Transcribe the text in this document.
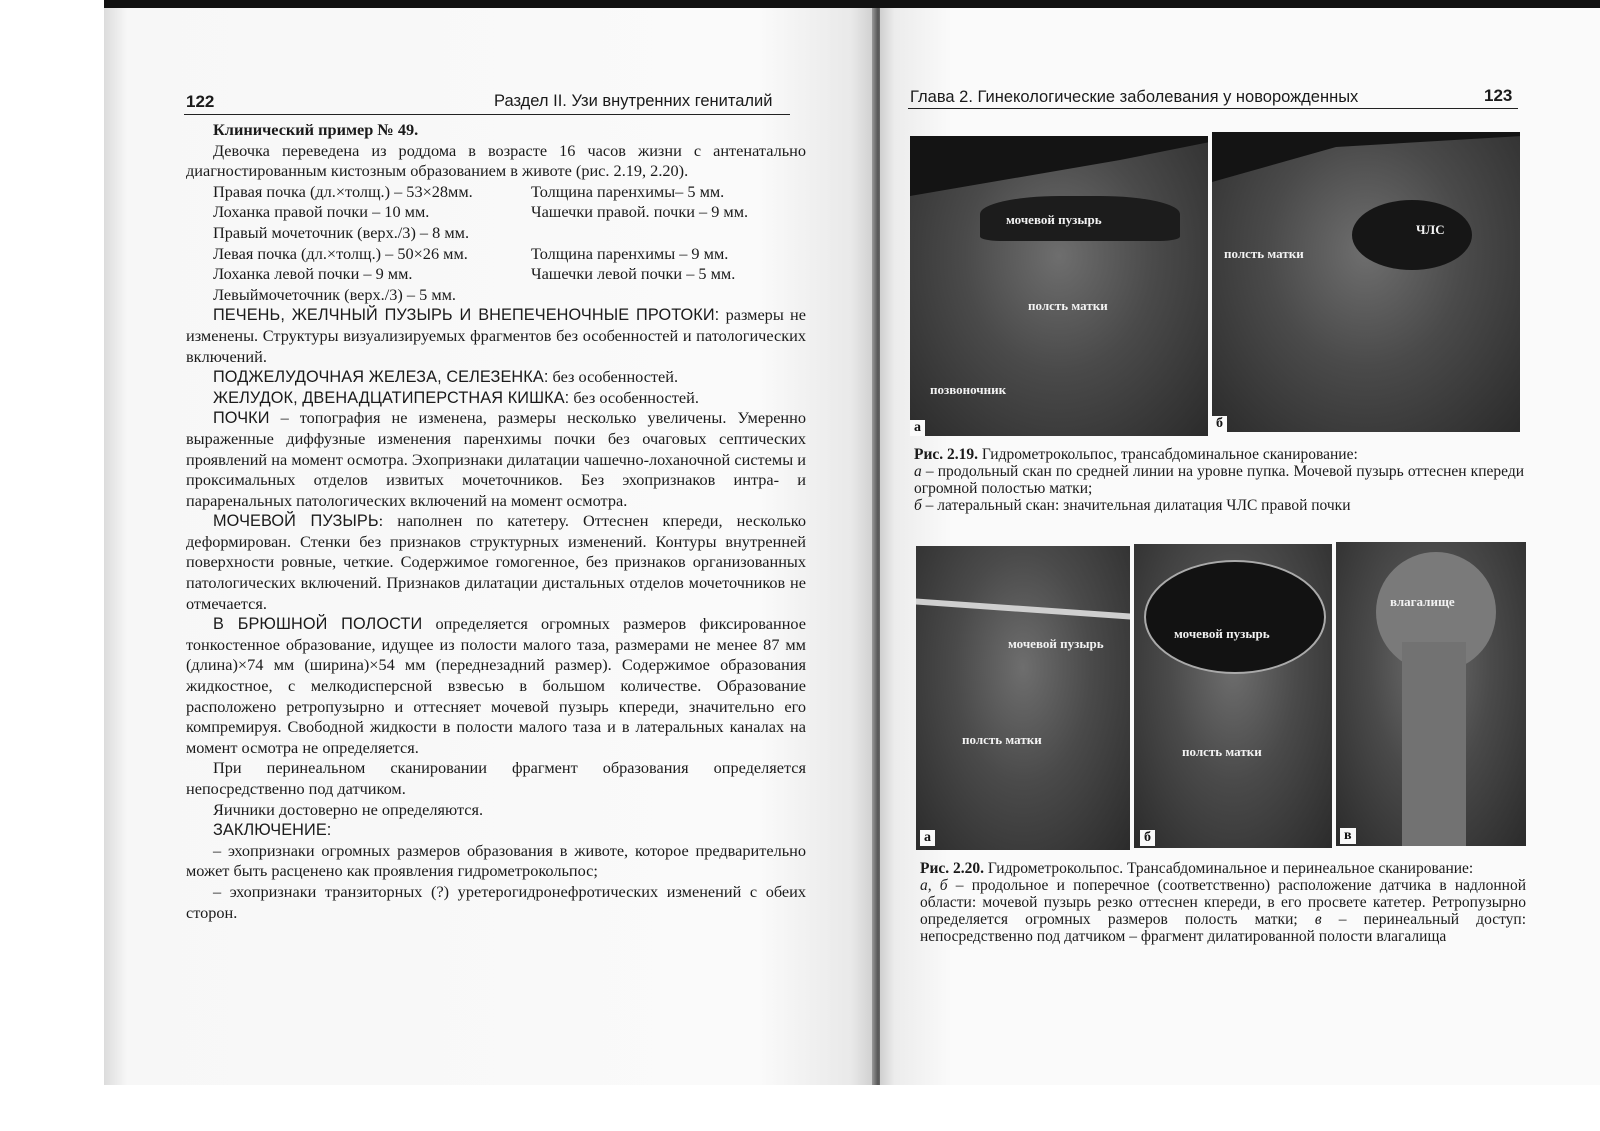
122	Раздел II. Узи внутренних гениталий

Клинический пример № 49.

Девочка переведена из роддома в возрасте 16 часов жизни с антенатально диагностированным кистозным образованием в животе (рис. 2.19, 2.20).

Правая почка (дл.×толщ.) – 53×28мм.	Толщина паренхимы– 5 мм.
Лоханка правой почки – 10 мм.	Чашечки правой. почки – 9 мм.
Правый мочеточник (верх./3) – 8 мм.
Левая почка (дл.×толщ.) – 50×26 мм.	Толщина паренхимы – 9 мм.
Лоханка левой почки – 9 мм.	Чашечки левой почки – 5 мм.
Левыймочеточник (верх./3) – 5 мм.

ПЕЧЕНЬ, ЖЕЛЧНЫЙ ПУЗЫРЬ И ВНЕПЕЧЕНОЧНЫЕ ПРОТОКИ: размеры не изменены. Структуры визуализируемых фрагментов без особенностей и патологических включений.

ПОДЖЕЛУДОЧНАЯ ЖЕЛЕЗА, СЕЛЕЗЕНКА: без особенностей.

ЖЕЛУДОК, ДВЕНАДЦАТИПЕРСТНАЯ КИШКА: без особенностей.

ПОЧКИ – топография не изменена, размеры несколько увеличены. Умеренно выраженные диффузные изменения паренхимы почки без очаговых септических проявлений на момент осмотра. Эхопризнаки дилатации чашечно-лоханочной системы и проксимальных отделов извитых мочеточников. Без эхопризнаков интра- и параренальных патологических включений на момент осмотра.

МОЧЕВОЙ ПУЗЫРЬ: наполнен по катетеру. Оттеснен кпереди, несколько деформирован. Стенки без признаков структурных изменений. Контуры внутренней поверхности ровные, четкие. Содержимое гомогенное, без признаков организованных патологических включений. Признаков дилатации дистальных отделов мочеточников не отмечается.

В БРЮШНОЙ ПОЛОСТИ определяется огромных размеров фиксированное тонкостенное образование, идущее из полости малого таза, размерами не менее 87 мм (длина)×74 мм (ширина)×54 мм (переднезадний размер). Содержимое образования жидкостное, с мелкодисперсной взвесью в большом количестве. Образование расположено ретропузырно и оттесняет мочевой пузырь кпереди, значительно его компремируя. Свободной жидкости в полости малого таза и в латеральных каналах на момент осмотра не определяется.

При перинеальном сканировании фрагмент образования определяется непосредственно под датчиком.

Яичники достоверно не определяются.

ЗАКЛЮЧЕНИЕ:

– эхопризнаки огромных размеров образования в животе, которое предварительно может быть расценено как проявления гидрометрокольпос;

– эхопризнаки транзиторных (?) уретерогидронефротических изменений с обеих сторон.

Глава 2. Гинекологические заболевания у новорожденных	123
мочевой пузырь
полсть матки
позвоночник
а
ЧЛС
полсть матки
б

Рис. 2.19. Гидрометрокольпос, трансабдоминальное сканирование:

а – продольный скан по средней линии на уровне пупка. Мочевой пузырь оттеснен кпереди огромной полостью матки;

б – латеральный скан: значительная дилатация ЧЛС правой почки

мочевой пузырь
полсть матки
а
мочевой пузырь
полсть матки
б
влагалище
в

Рис. 2.20. Гидрометрокольпос. Трансабдоминальное и перинеальное сканирование:

а, б – продольное и поперечное (соответственно) расположение датчика в надлонной области: мочевой пузырь резко оттеснен кпереди, в его просвете катетер. Ретропузырно определяется огромных размеров полость матки; в – перинеальный доступ: непосредственно под датчиком – фрагмент дилатированной полости влагалища
